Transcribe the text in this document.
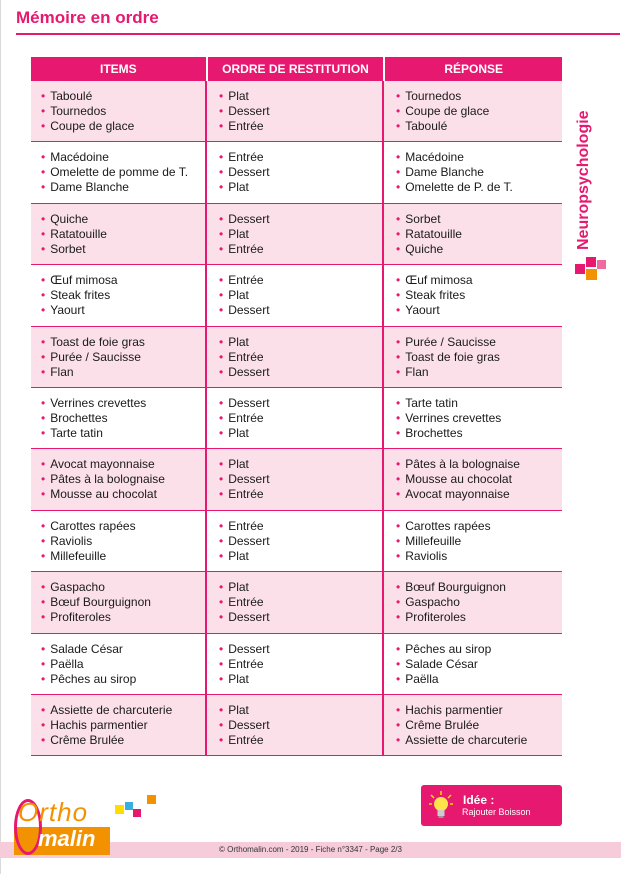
Mémoire en ordre
ITEMS	ORDRE DE RESTITUTION	RÉPONSE
• Taboulé
• Tournedos
• Coupe de glace
• Plat
• Dessert
• Entrée
• Tournedos
• Coupe de glace
• Taboulé
• Macédoine
• Omelette de pomme de T.
• Dame Blanche
• Entrée
• Dessert
• Plat
• Macédoine
• Dame Blanche
• Omelette de P. de T.
• Quiche
• Ratatouille
• Sorbet
• Dessert
• Plat
• Entrée
• Sorbet
• Ratatouille
• Quiche
• Œuf mimosa
• Steak frites
• Yaourt
• Entrée
• Plat
• Dessert
• Œuf mimosa
• Steak frites
• Yaourt
• Toast de foie gras
• Purée / Saucisse
• Flan
• Plat
• Entrée
• Dessert
• Purée / Saucisse
• Toast de foie gras
• Flan
• Verrines crevettes
• Brochettes
• Tarte tatin
• Dessert
• Entrée
• Plat
• Tarte tatin
• Verrines crevettes
• Brochettes
• Avocat mayonnaise
• Pâtes à la bolognaise
• Mousse au chocolat
• Plat
• Dessert
• Entrée
• Pâtes à la bolognaise
• Mousse au chocolat
• Avocat mayonnaise
• Carottes rapées
• Raviolis
• Millefeuille
• Entrée
• Dessert
• Plat
• Carottes rapées
• Millefeuille
• Raviolis
• Gaspacho
• Bœuf Bourguignon
• Profiteroles
• Plat
• Entrée
• Dessert
• Bœuf Bourguignon
• Gaspacho
• Profiteroles
• Salade César
• Paëlla
• Pêches au sirop
• Dessert
• Entrée
• Plat
• Pêches au sirop
• Salade César
• Paëlla
• Assiette de charcuterie
• Hachis parmentier
• Crême Brulée
• Plat
• Dessert
• Entrée
• Hachis parmentier
• Crême Brulée
• Assiette de charcuterie
Neuropsychologie
Idée :
Rajouter Boisson
© Orthomalin.com - 2019 - Fiche n°3347 - Page 2/3
Ortho
malin
